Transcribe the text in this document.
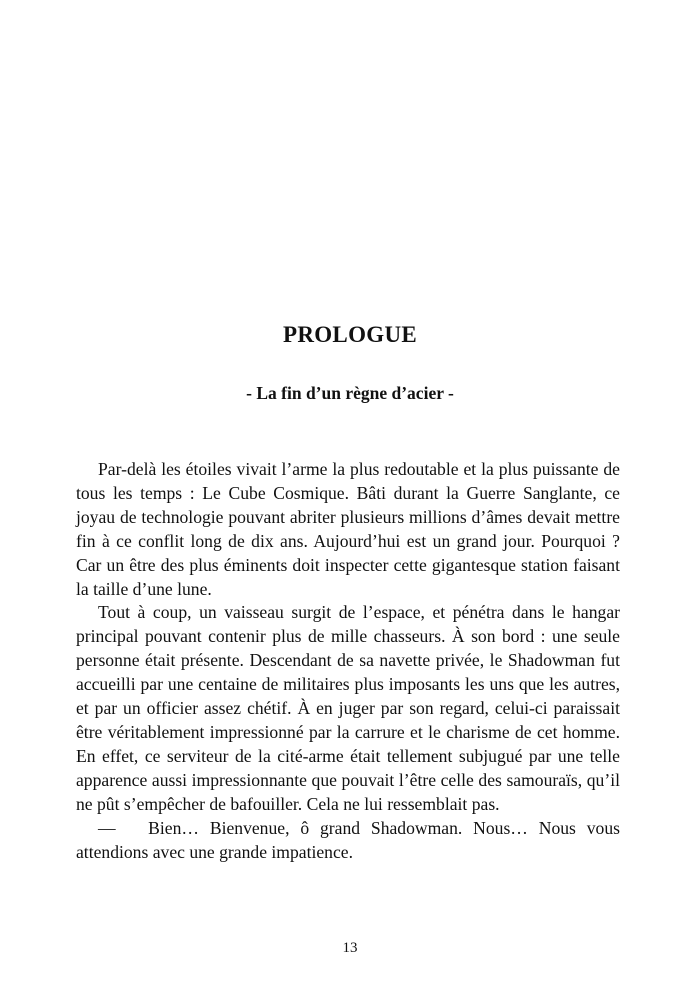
PROLOGUE
- La fin d’un règne d’acier -

Par-delà les étoiles vivait l’arme la plus redoutable et la plus puissante de tous les temps : Le Cube Cosmique. Bâti durant la Guerre Sanglante, ce joyau de technologie pouvant abriter plusieurs millions d’âmes devait mettre fin à ce conflit long de dix ans. Aujourd’hui est un grand jour. Pourquoi ? Car un être des plus éminents doit inspecter cette gigantesque station faisant la taille d’une lune.

Tout à coup, un vaisseau surgit de l’espace, et pénétra dans le hangar principal pouvant contenir plus de mille chasseurs. À son bord : une seule personne était présente. Descendant de sa navette privée, le Shadowman fut accueilli par une centaine de militaires plus imposants les uns que les autres, et par un officier assez chétif. À en juger par son regard, celui-ci paraissait être véritablement impressionné par la carrure et le charisme de cet homme. En effet, ce serviteur de la cité-arme était tellement subjugué par une telle apparence aussi impressionnante que pouvait l’être celle des samouraïs, qu’il ne pût s’empêcher de bafouiller. Cela ne lui ressemblait pas.

—   Bien… Bienvenue, ô grand Shadowman. Nous… Nous vous attendions avec une grande impatience.

13
